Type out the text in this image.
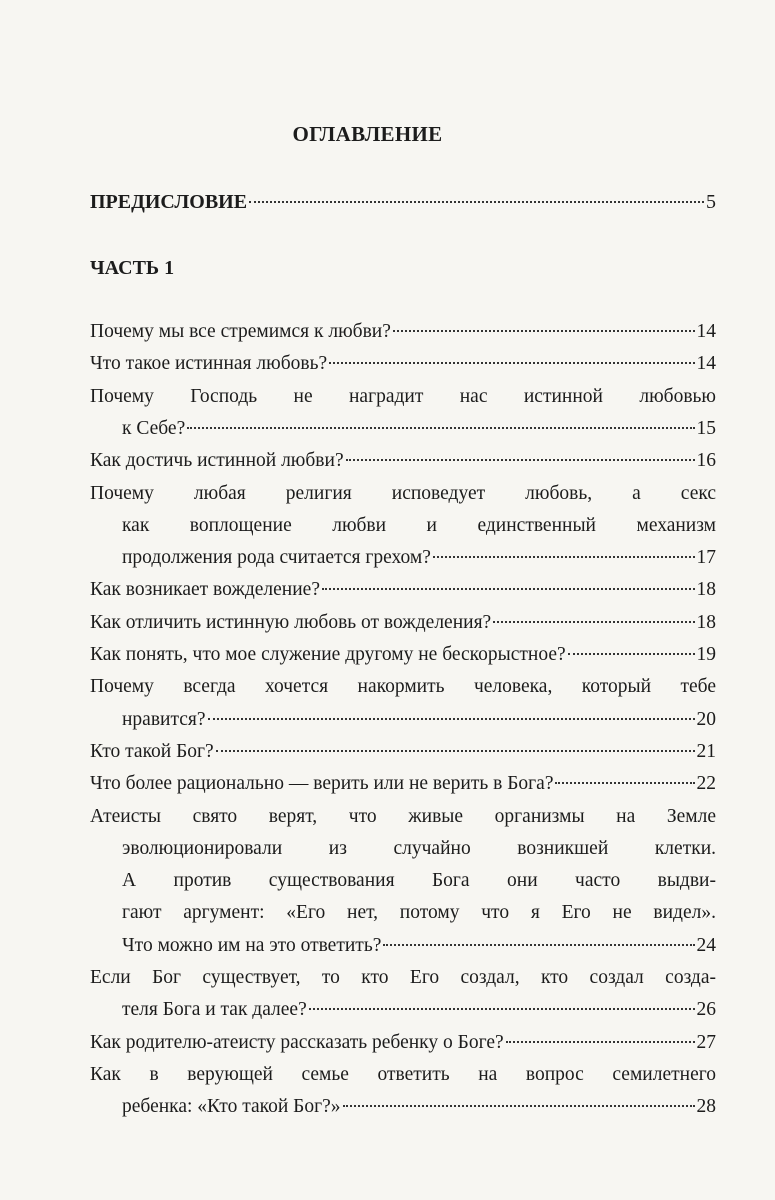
ОГЛАВЛЕНИЕ
ПРЕДИСЛОВИЕ	5
ЧАСТЬ 1
Почему мы все стремимся к любви?	14
Что такое истинная любовь?	14
Почему Господь не наградит нас истинной любовью
к Себе?	15
Как достичь истинной любви?	16
Почему любая религия исповедует любовь, а секс
как воплощение любви и единственный механизм
продолжения рода считается грехом?	17
Как возникает вожделение?	18
Как отличить истинную любовь от вожделения?	18
Как понять, что мое служение другому не бескорыстное?	19
Почему всегда хочется накормить человека, который тебе
нравится?	20
Кто такой Бог?	21
Что более рационально — верить или не верить в Бога?	22
Атеисты свято верят, что живые организмы на Земле
эволюционировали из случайно возникшей клетки.
А против существования Бога они часто выдви-
гают аргумент: «Его нет, потому что я Его не видел».
Что можно им на это ответить?	24
Если Бог существует, то кто Его создал, кто создал созда-
теля Бога и так далее?	26
Как родителю-атеисту рассказать ребенку о Боге?	27
Как в верующей семье ответить на вопрос семилетнего
ребенка: «Кто такой Бог?»	28
